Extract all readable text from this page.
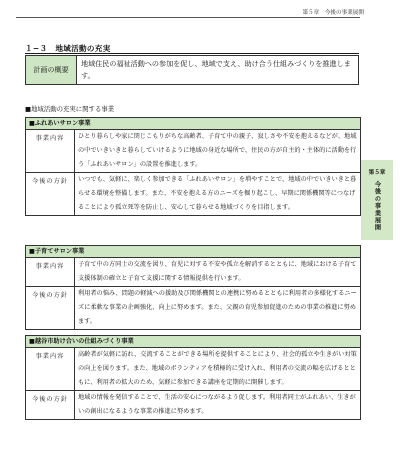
第５章　今後の事業展開
１−３　地域活動の充実
計画の概要	地域住民の福祉活動への参加を促し、地域で支え、助け合う仕組みづくりを推進します。
■地域活動の充実に関する事業
■ふれあいサロン事業
事業内容	ひとり暮らしや家に閉じこもりがちな高齢者、子育て中の親子、寂しさや不安を抱えるなどが、地域の中でいきいきと暮らしていけるように地域の身近な場所で、住民の方が自主的・主体的に活動を行う「ふれあいサロン」の設置を推進します。
今後の方針	いつでも、気軽に、楽しく参加できる「ふれあいサロン」を増やすことで、地域の中でいきいきと暮らせる環境を整備します。また、不安を抱える方のニーズを掘り起こし、早期に関係機関等につなげることにより孤立死等を防止し、安心して暮らせる地域づくりを目指します。
■子育てサロン事業
事業内容	子育て中の方同士の交流を図り、育児に対する不安や孤立を解消するとともに、地域における子育て支援体制の確立と子育て支援に関する情報提供を行います。
今後の方針	利用者の悩み、問題の軽減への援助及び関係機関との連携に努めるとともに利用者の多様化するニーズに柔軟な事業の企画強化、向上に努めます。また、父親の育児参加促進のための事業の推進に努めます。
■越谷市助け合いの仕組みづくり事業
事業内容	高齢者が気軽に訪れ、交流することができる場所を提供することにより、社会的孤立や生きがい対策の向上を図ります。また、地域のボランティアを積極的に受け入れ、利用者の交流の幅を広げるとともに、利用者の拡大のため、気軽に参加できる講座を定期的に開催します。
今後の方針	地域の情報を発信することで、生活の安心につながるよう促します。利用者同士がふれあい、生きがいの創出になるような事業の推進に努めます。
第５章
今後の事業展開
